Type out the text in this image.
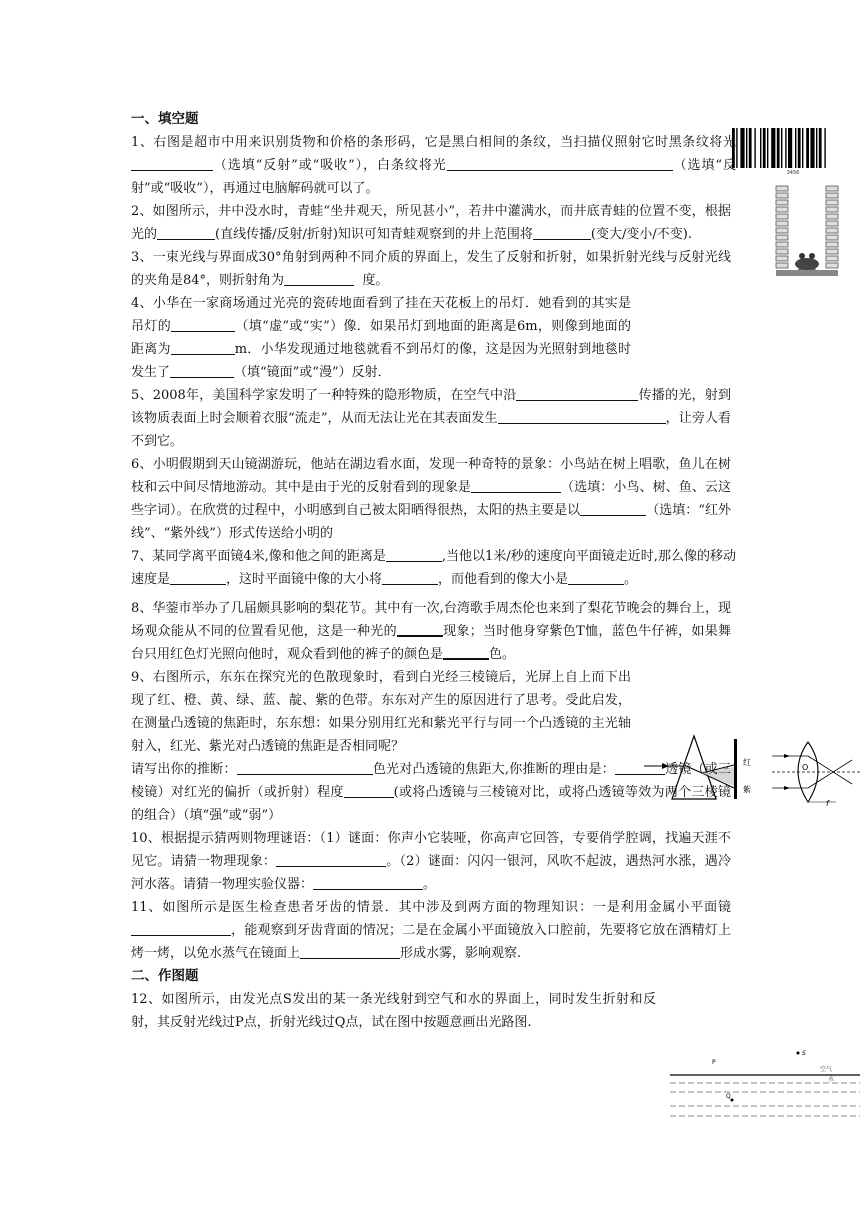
3456
红
紫
O
f
S
P
空气
水
Q

一、填空题

1、右图是超市中用来识别货物和价格的条形码，它是黑白相间的条纹，当扫描仪照射它时黑条纹将光（选填“反射”或“吸收”），白条纹将光	（选填“反射”或“吸收”），再通过电脑解码就可以了。

2、如图所示，井中没水时，青蛙“坐井观天，所见甚小”，若井中灌满水，而井底青蛙的位置不变，根据光的	(直线传播/反射/折射)知识可知青蛙观察到的井上范围将	(变大/变小/不变).

3、一束光线与界面成30°角射到两种不同介质的界面上，发生了反射和折射，如果折射光线与反射光线的夹角是84°，则折射角为	度。

4、小华在一家商场通过光亮的瓷砖地面看到了挂在天花板上的吊灯．她看到的其实是吊灯的	（填“虚”或“实”）像．如果吊灯到地面的距离是6m，则像到地面的距离为	m．小华发现通过地毯就看不到吊灯的像，这是因为光照射到地毯时发生了	（填“镜面”或“漫”）反射．

5、2008年，美国科学家发明了一种特殊的隐形物质，在空气中沿	传播的光，射到该物质表面上时会顺着衣服“流走”，从而无法让光在其表面发生	，让旁人看不到它。

6、小明假期到天山镜湖游玩，他站在湖边看水面，发现一种奇特的景象：小鸟站在树上唱歌，鱼儿在树枝和云中间尽情地游动。其中是由于光的反射看到的现象是	（选填：小鸟、树、鱼、云这些字词）。在欣赏的过程中，小明感到自己被太阳晒得很热，太阳的热主要是以	（选填：“红外线”、“紫外线”）形式传送给小明的

7、某同学离平面镜4米,像和他之间的距离是	,当他以1米/秒的速度向平面镜走近时,那么像的移动速度是	，这时平面镜中像的大小将	，而他看到的像大小是	。

8、华蓥市举办了几届颇具影响的梨花节。其中有一次,台湾歌手周杰伦也来到了梨花节晚会的舞台上，现场观众能从不同的位置看见他，这是一种光的	现象；当时他身穿紫色T恤，蓝色牛仔裤，如果舞台只用红色灯光照向他时，观众看到他的裤子的颜色是	色。

9、右图所示，东东在探究光的色散现象时，看到白光经三棱镜后，光屏上自上而下出现了红、橙、黄、绿、蓝、靛、紫的色带。东东对产生的原因进行了思考。受此启发，在测量凸透镜的焦距时，东东想：如果分别用红光和紫光平行与同一个凸透镜的主光轴射入，红光、紫光对凸透镜的焦距是否相同呢？

请写出你的推断：	色光对凸透镜的焦距大,你推断的理由是：	透镜（或三棱镜）对红光的偏折（或折射）程度	(或将凸透镜与三棱镜对比，或将凸透镜等效为两个三棱镜的组合）（填“强”或“弱”）

10、根据提示猜两则物理谜语：（1）谜面：你声小它装哑，你高声它回答，专要俏学腔调，找遍天涯不见它。请猜一物理现象：	。（2）谜面：闪闪一银河，风吹不起波，遇热河水涨，遇冷河水落。请猜一物理实验仪器：	。

11、如图所示是医生检查患者牙齿的情景．其中涉及到两方面的物理知识：一是利用金属小平面镜，能观察到牙齿背面的情况；二是在金属小平面镜放入口腔前，先要将它放在酒精灯上烤一烤，以免水蒸气在镜面上	形成水雾，影响观察.

二、作图题

12、如图所示，由发光点S发出的某一条光线射到空气和水的界面上，同时发生折射和反射，其反射光线过P点，折射光线过Q点，试在图中按题意画出光路图.
